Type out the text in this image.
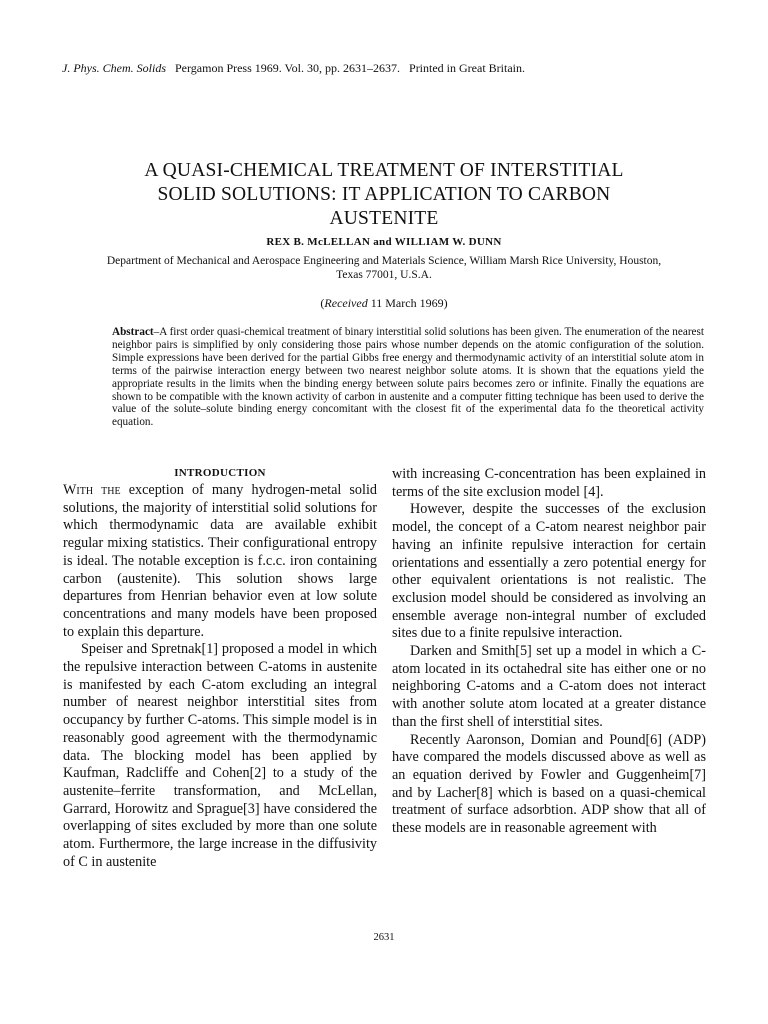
J. Phys. Chem. Solids Pergamon Press 1969. Vol. 30, pp. 2631–2637. Printed in Great Britain.
A QUASI-CHEMICAL TREATMENT OF INTERSTITIAL
SOLID SOLUTIONS: IT APPLICATION TO CARBON
AUSTENITE
REX B. McLELLAN and WILLIAM W. DUNN
Department of Mechanical and Aerospace Engineering and Materials Science, William Marsh Rice University, Houston, Texas 77001, U.S.A.
(Received 11 March 1969)
Abstract–A first order quasi-chemical treatment of binary interstitial solid solutions has been given. The enumeration of the nearest neighbor pairs is simplified by only considering those pairs whose number depends on the atomic configuration of the solution. Simple expressions have been derived for the partial Gibbs free energy and thermodynamic activity of an interstitial solute atom in terms of the pairwise interaction energy between two nearest neighbor solute atoms. It is shown that the equations yield the appropriate results in the limits when the binding energy between solute pairs becomes zero or infinite. Finally the equations are shown to be compatible with the known activity of carbon in austenite and a computer fitting technique has been used to derive the value of the solute–solute binding energy concomitant with the closest fit of the experimental data fo the theoretical activity equation.
INTRODUCTION

With the exception of many hydrogen-metal solid solutions, the majority of interstitial solid solutions for which thermodynamic data are available exhibit regular mixing statistics. Their configurational entropy is ideal. The notable exception is f.c.c. iron containing carbon (austenite). This solution shows large departures from Henrian behavior even at low solute concentrations and many models have been proposed to explain this departure.

Speiser and Spretnak[1] proposed a model in which the repulsive interaction between C-atoms in austenite is manifested by each C-atom excluding an integral number of nearest neighbor interstitial sites from occupancy by further C-atoms. This simple model is in reasonably good agreement with the thermodynamic data. The blocking model has been applied by Kaufman, Radcliffe and Cohen[2] to a study of the austenite–ferrite transformation, and McLellan, Garrard, Horowitz and Sprague[3] have considered the overlapping of sites excluded by more than one solute atom. Furthermore, the large increase in the diffusivity of C in austenite

with increasing C-concentration has been explained in terms of the site exclusion model [4].

However, despite the successes of the exclusion model, the concept of a C-atom nearest neighbor pair having an infinite repulsive interaction for certain orientations and essentially a zero potential energy for other equivalent orientations is not realistic. The exclusion model should be considered as involving an ensemble average non-integral number of excluded sites due to a finite repulsive interaction.

Darken and Smith[5] set up a model in which a C-atom located in its octahedral site has either one or no neighboring C-atoms and a C-atom does not interact with another solute atom located at a greater distance than the first shell of interstitial sites.

Recently Aaronson, Domian and Pound[6] (ADP) have compared the models discussed above as well as an equation derived by Fowler and Guggenheim[7] and by Lacher[8] which is based on a quasi-chemical treatment of surface adsorbtion. ADP show that all of these models are in reasonable agreement with

2631
